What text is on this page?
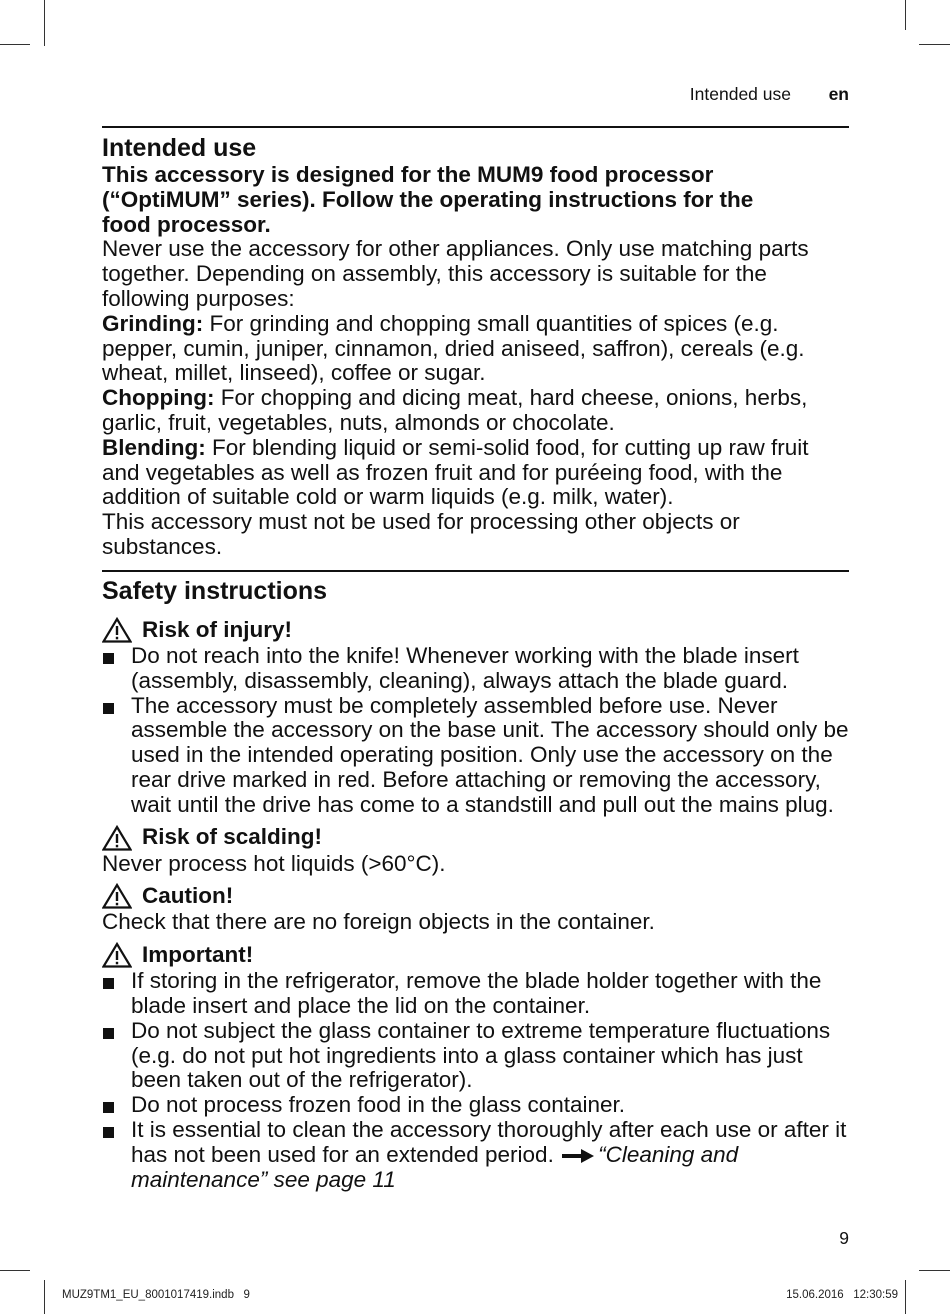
Intended use en

Intended use

This accessory is designed for the MUM9 food processor (“OptiMUM” series). Follow the operating instructions for the food processor.

Never use the accessory for other appliances. Only use matching parts together. Depending on assembly, this accessory is suitable for the following purposes:

Grinding: For grinding and chopping small quantities of spices (e.g. pepper, cumin, juniper, cinnamon, dried aniseed, saffron), cereals (e.g. wheat, millet, linseed), coffee or sugar.

Chopping: For chopping and dicing meat, hard cheese, onions, herbs, garlic, fruit, vegetables, nuts, almonds or chocolate.

Blending: For blending liquid or semi-solid food, for cutting up raw fruit and vegetables as well as frozen fruit and for puréeing food, with the addition of suitable cold or warm liquids (e.g. milk, water).

This accessory must not be used for processing other objects or substances.

Safety instructions

Risk of injury!
Do not reach into the knife! Whenever working with the blade insert (assembly, disassembly, cleaning), always attach the blade guard.
The accessory must be completely assembled before use. Never assemble the accessory on the base unit. The accessory should only be used in the intended operating position. Only use the accessory on the rear drive marked in red. Before attaching or removing the accessory, wait until the drive has come to a standstill and pull out the mains plug.
Risk of scalding!

Never process hot liquids (>60°C).

Caution!

Check that there are no foreign objects in the container.

Important!
If storing in the refrigerator, remove the blade holder together with the blade insert and place the lid on the container.
Do not subject the glass container to extreme temperature fluctuations (e.g. do not put hot ingredients into a glass container which has just been taken out of the refrigerator).
Do not process frozen food in the glass container.
It is essential to clean the accessory thoroughly after each use or after it has not been used for an extended period. “Cleaning and maintenance” see page 11
9
MUZ9TM1_EU_8001017419.indb   9	15.06.2016   12:30:59
